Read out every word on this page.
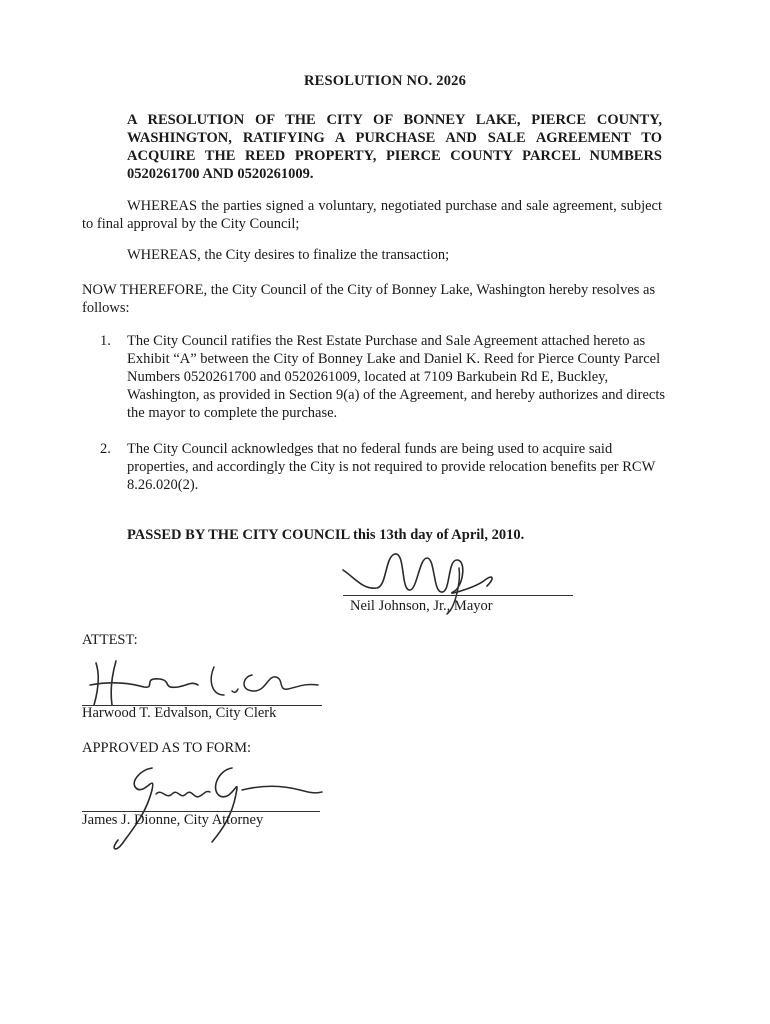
RESOLUTION NO. 2026
A RESOLUTION OF THE CITY OF BONNEY LAKE, PIERCE COUNTY, WASHINGTON, RATIFYING A PURCHASE AND SALE AGREEMENT TO ACQUIRE THE REED PROPERTY, PIERCE COUNTY PARCEL NUMBERS 0520261700 AND 0520261009.
WHEREAS the parties signed a voluntary, negotiated purchase and sale agreement, subject to final approval by the City Council;
WHEREAS, the City desires to finalize the transaction;
NOW THEREFORE, the City Council of the City of Bonney Lake, Washington hereby resolves as follows:
1.	The City Council ratifies the Rest Estate Purchase and Sale Agreement attached hereto as Exhibit “A” between the City of Bonney Lake and Daniel K. Reed for Pierce County Parcel Numbers 0520261700 and 0520261009, located at 7109 Barkubein Rd E, Buckley, Washington, as provided in Section 9(a) of the Agreement, and hereby authorizes and directs the mayor to complete the purchase.
2.	The City Council acknowledges that no federal funds are being used to acquire said properties, and accordingly the City is not required to provide relocation benefits per RCW 8.26.020(2).
PASSED BY THE CITY COUNCIL this 13th day of April, 2010.
Neil Johnson, Jr., Mayor
ATTEST:
Harwood T. Edvalson, City Clerk
APPROVED AS TO FORM:
James J. Dionne, City Attorney
